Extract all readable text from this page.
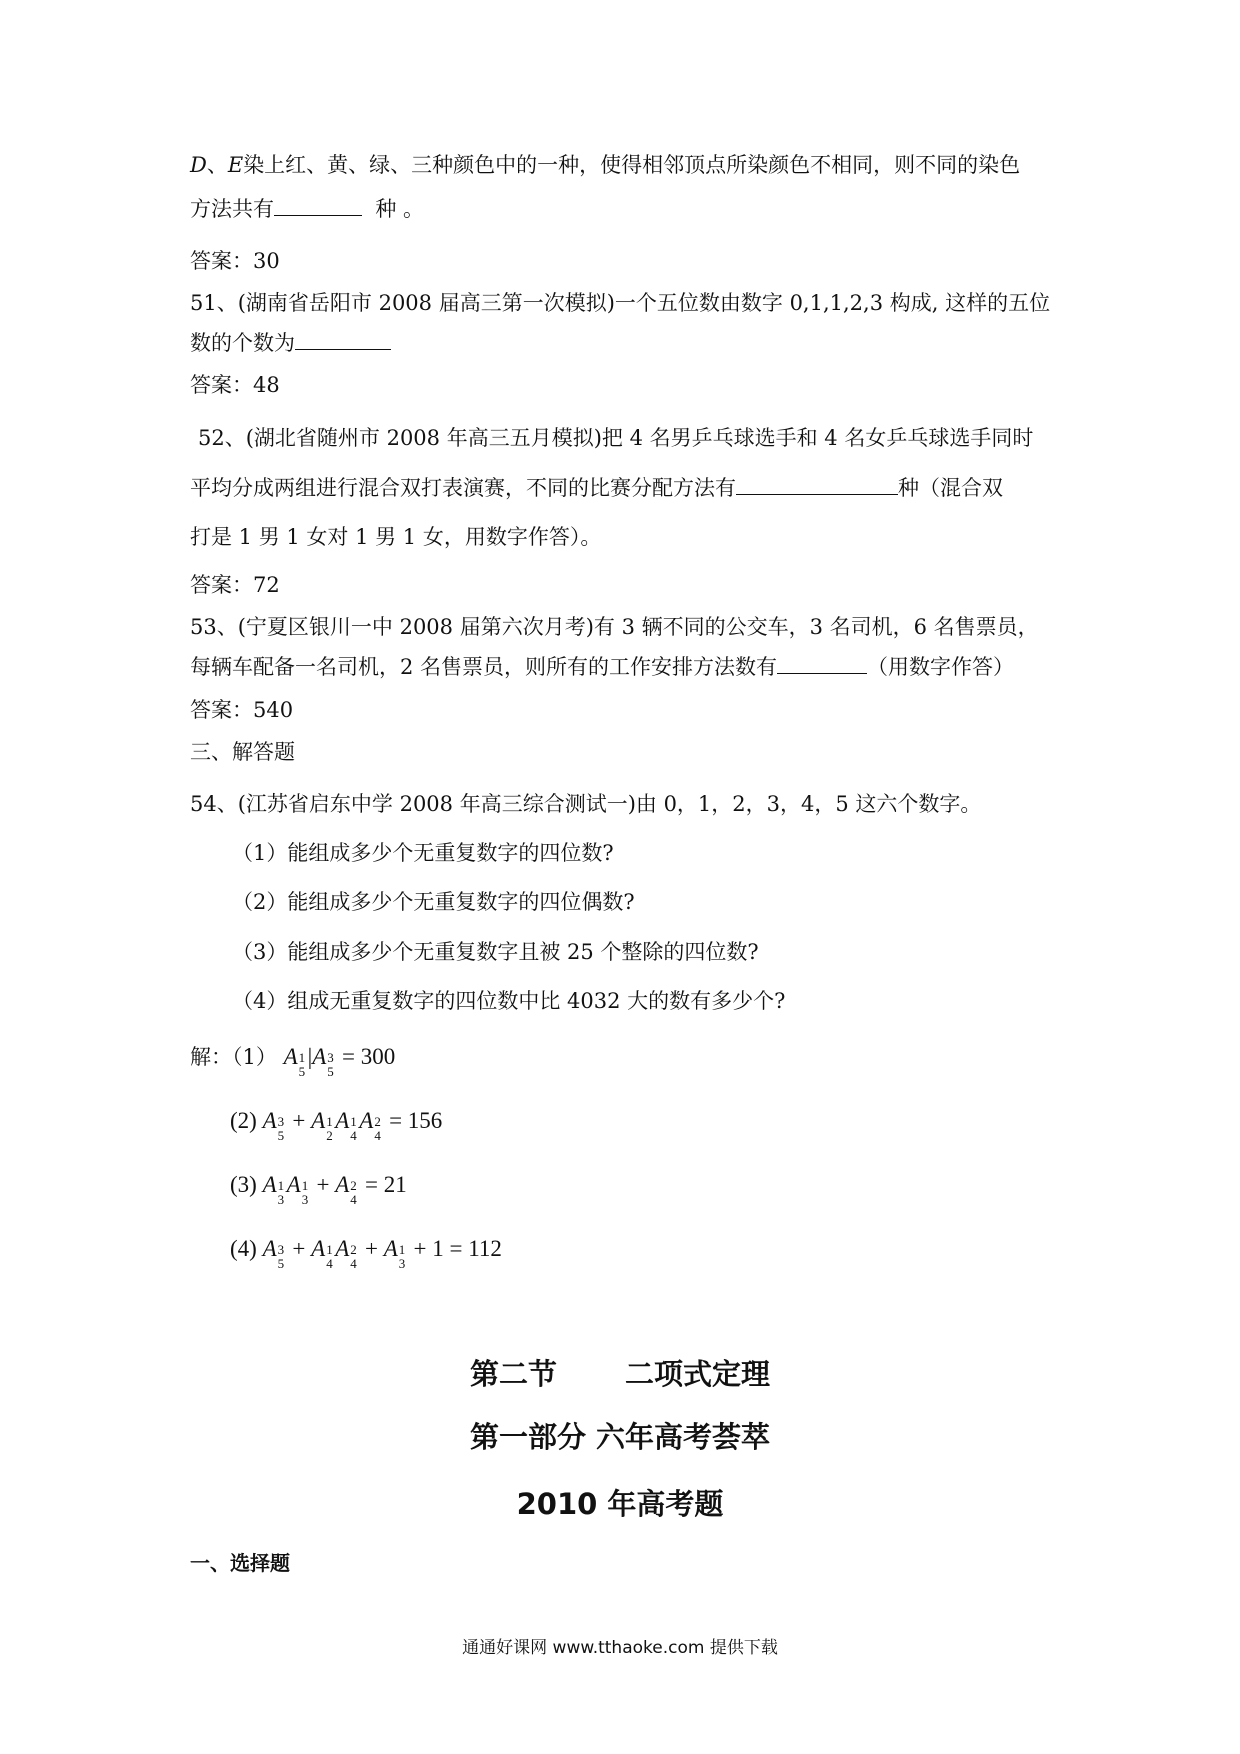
D、E染上红、黄、绿、三种颜色中的一种，使得相邻顶点所染颜色不相同，则不同的染色
方法共有	种 。
答案：30
51、(湖南省岳阳市 2008 届高三第一次模拟)一个五位数由数字 0,1,1,2,3 构成, 这样的五位
数的个数为
答案：48
52、(湖北省随州市 2008 年高三五月模拟)把 4 名男乒乓球选手和 4 名女乒乓球选手同时
平均分成两组进行混合双打表演赛，不同的比赛分配方法有	种（混合双
打是 1 男 1 女对 1 男 1 女，用数字作答）。
答案：72
53、(宁夏区银川一中 2008 届第六次月考)有 3 辆不同的公交车，3 名司机，6 名售票员，
每辆车配备一名司机，2 名售票员，则所有的工作安排方法数有	（用数字作答）
答案：540
三、解答题
54、(江苏省启东中学 2008 年高三综合测试一)由 0，1，2，3，4，5 这六个数字。
（1）能组成多少个无重复数字的四位数?
（2）能组成多少个无重复数字的四位偶数?
（3）能组成多少个无重复数字且被 25 个整除的四位数?
（4）组成无重复数字的四位数中比 4032 大的数有多少个?
解：（1） A 1
5
|A 3
5
= 300
(2) A 3
5
+ A 1
2
A 1
4
A 2
4
= 156
(3) A 1
3
A 1
3
+ A 2
4
= 21
(4) A 3
5
+ A 1
4
A 2
4
+ A 1
3
+ 1 = 112
第二节　　 二项式定理
第一部分 六年高考荟萃
2010 年高考题
一、选择题
通通好课网 www.tthaoke.com 提供下载
